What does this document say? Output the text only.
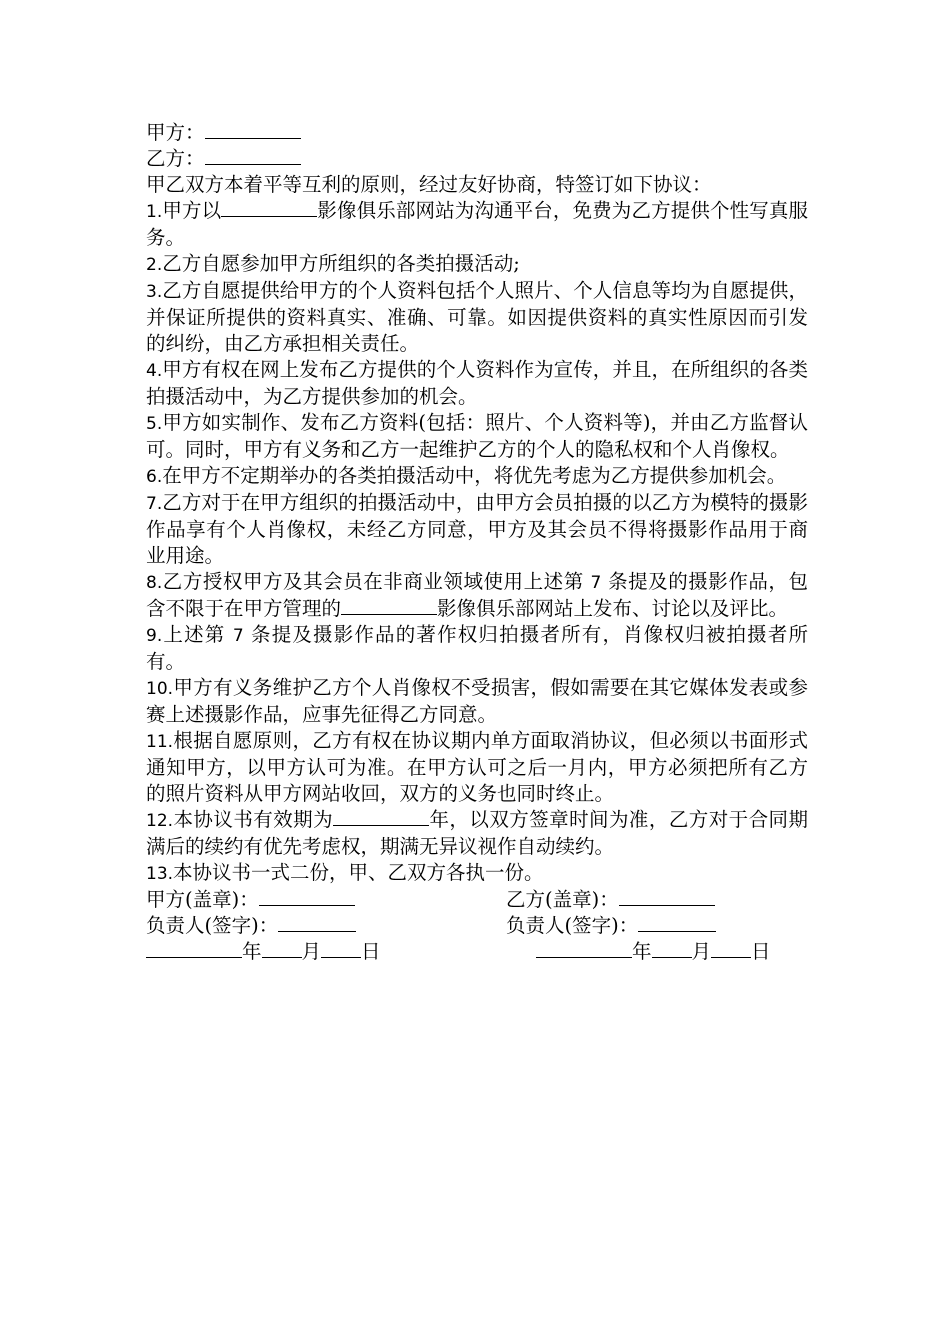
甲方：

乙方：

甲乙双方本着平等互利的原则，经过友好协商，特签订如下协议：

1.甲方以	影像俱乐部网站为沟通平台，免费为乙方提供个性写真服务。

2.乙方自愿参加甲方所组织的各类拍摄活动;

3.乙方自愿提供给甲方的个人资料包括个人照片、个人信息等均为自愿提供，并保证所提供的资料真实、准确、可靠。如因提供资料的真实性原因而引发的纠纷，由乙方承担相关责任。

4.甲方有权在网上发布乙方提供的个人资料作为宣传，并且，在所组织的各类拍摄活动中，为乙方提供参加的机会。

5.甲方如实制作、发布乙方资料(包括：照片、个人资料等)，并由乙方监督认可。同时，甲方有义务和乙方一起维护乙方的个人的隐私权和个人肖像权。

6.在甲方不定期举办的各类拍摄活动中，将优先考虑为乙方提供参加机会。

7.乙方对于在甲方组织的拍摄活动中，由甲方会员拍摄的以乙方为模特的摄影作品享有个人肖像权，未经乙方同意，甲方及其会员不得将摄影作品用于商业用途。

8.乙方授权甲方及其会员在非商业领域使用上述第 7 条提及的摄影作品，包含不限于在甲方管理的	影像俱乐部网站上发布、讨论以及评比。

9.上述第 7 条提及摄影作品的著作权归拍摄者所有，肖像权归被拍摄者所有。

10.甲方有义务维护乙方个人肖像权不受损害，假如需要在其它媒体发表或参赛上述摄影作品，应事先征得乙方同意。

11.根据自愿原则，乙方有权在协议期内单方面取消协议，但必须以书面形式通知甲方，以甲方认可为准。在甲方认可之后一月内，甲方必须把所有乙方的照片资料从甲方网站收回，双方的义务也同时终止。

12.本协议书有效期为	年，以双方签章时间为准，乙方对于合同期满后的续约有优先考虑权，期满无异议视作自动续约。

13.本协议书一式二份，甲、乙双方各执一份。

甲方(盖章)：	乙方(盖章)：
负责人(签字)：	负责人(签字)：
年 月 日	年 月 日
